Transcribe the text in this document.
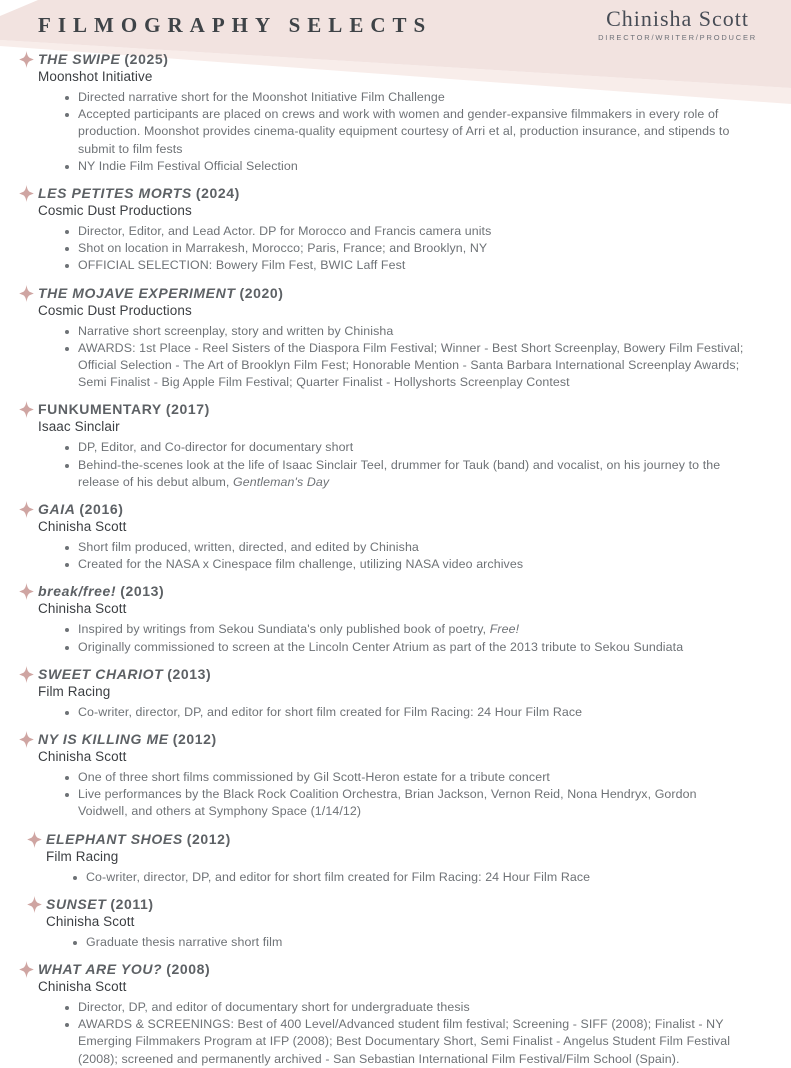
FILMOGRAPHY SELECTS	Chinisha Scott
DIRECTOR/WRITER/PRODUCER
THE SWIPE (2025)
Moonshot Initiative
Directed narrative short for the Moonshot Initiative Film Challenge
Accepted participants are placed on crews and work with women and gender-expansive filmmakers in every role of production. Moonshot provides cinema-quality equipment courtesy of Arri et al, production insurance, and stipends to submit to film fests
NY Indie Film Festival Official Selection
LES PETITES MORTS (2024)
Cosmic Dust Productions
Director, Editor, and Lead Actor. DP for Morocco and Francis camera units
Shot on location in Marrakesh, Morocco; Paris, France; and Brooklyn, NY
OFFICIAL SELECTION: Bowery Film Fest, BWIC Laff Fest
THE MOJAVE EXPERIMENT (2020)
Cosmic Dust Productions
Narrative short screenplay, story and written by Chinisha
AWARDS: 1st Place - Reel Sisters of the Diaspora Film Festival; Winner - Best Short Screenplay, Bowery Film Festival; Official Selection - The Art of Brooklyn Film Fest; Honorable Mention - Santa Barbara International Screenplay Awards; Semi Finalist - Big Apple Film Festival; Quarter Finalist - Hollyshorts Screenplay Contest
FUNKUMENTARY (2017)
Isaac Sinclair
DP, Editor, and Co-director for documentary short
Behind-the-scenes look at the life of Isaac Sinclair Teel, drummer for Tauk (band) and vocalist, on his journey to the release of his debut album, Gentleman's Day
GAIA (2016)
Chinisha Scott
Short film produced, written, directed, and edited by Chinisha
Created for the NASA x Cinespace film challenge, utilizing NASA video archives
break/free! (2013)
Chinisha Scott
Inspired by writings from Sekou Sundiata's only published book of poetry, Free!
Originally commissioned to screen at the Lincoln Center Atrium as part of the 2013 tribute to Sekou Sundiata
SWEET CHARIOT (2013)
Film Racing
Co-writer, director, DP, and editor for short film created for Film Racing: 24 Hour Film Race
NY IS KILLING ME (2012)
Chinisha Scott
One of three short films commissioned by Gil Scott-Heron estate for a tribute concert
Live performances by the Black Rock Coalition Orchestra, Brian Jackson, Vernon Reid, Nona Hendryx, Gordon Voidwell, and others at Symphony Space (1/14/12)
ELEPHANT SHOES (2012)
Film Racing
Co-writer, director, DP, and editor for short film created for Film Racing: 24 Hour Film Race
SUNSET (2011)
Chinisha Scott
Graduate thesis narrative short film
WHAT ARE YOU? (2008)
Chinisha Scott
Director, DP, and editor of documentary short for undergraduate thesis
AWARDS & SCREENINGS: Best of 400 Level/Advanced student film festival; Screening - SIFF (2008); Finalist - NY Emerging Filmmakers Program at IFP (2008); Best Documentary Short, Semi Finalist - Angelus Student Film Festival (2008); screened and permanently archived - San Sebastian International Film Festival/Film School (Spain).
